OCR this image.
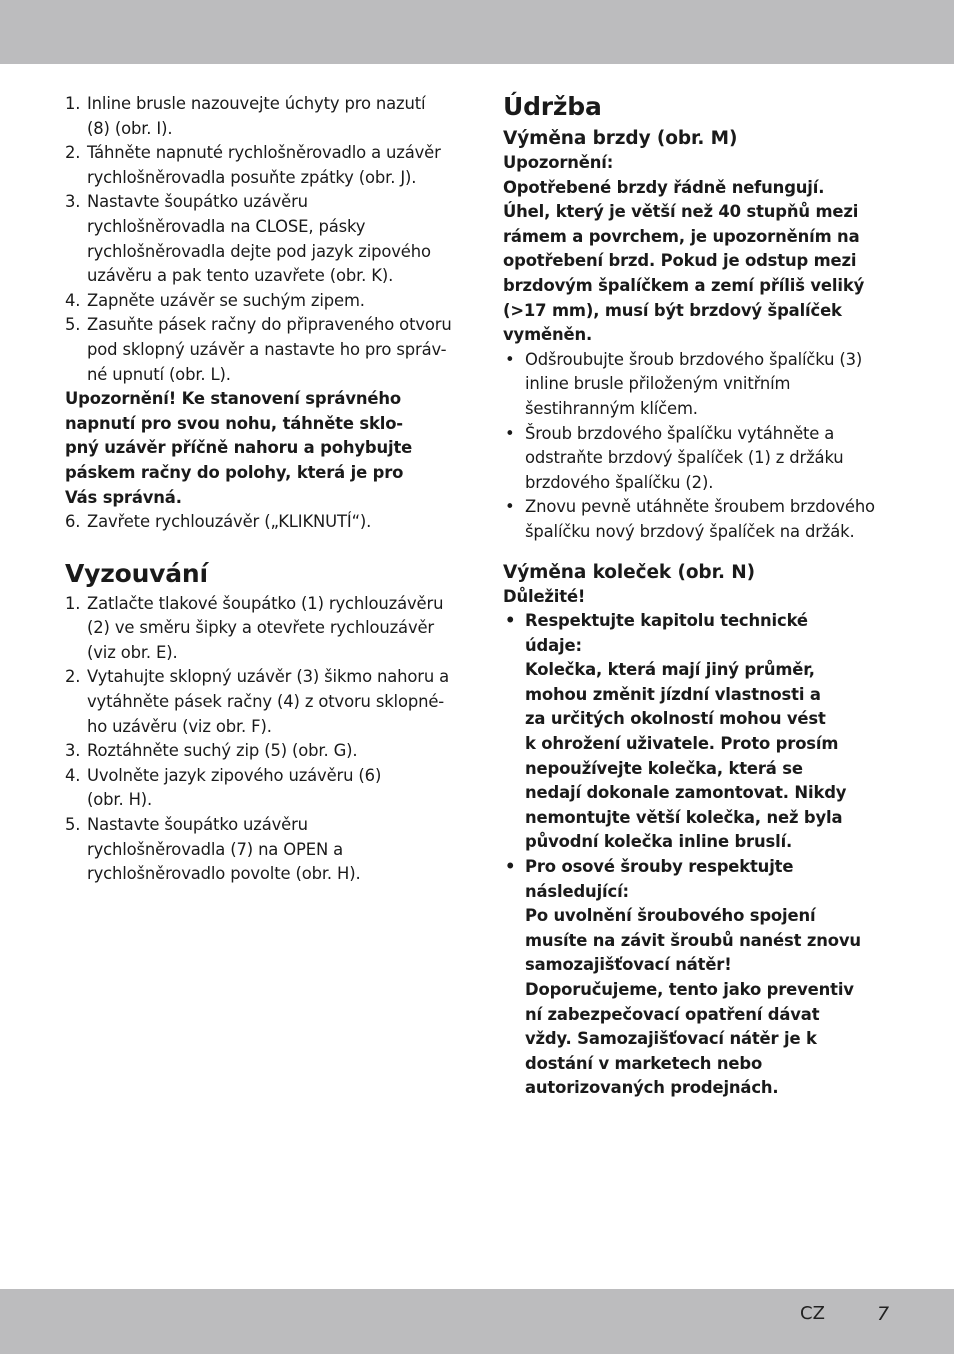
1. Inline brusle nazouvejte úchyty pro nazutí
(8) (obr. I).
2. Táhněte napnuté rychlošněrovadlo a uzávěr
rychlošněrovadla posuňte zpátky (obr. J).
3. Nastavte šoupátko uzávěru
rychlošněrovadla na CLOSE, pásky
rychlošněrovadla dejte pod jazyk zipového
uzávěru a pak tento uzavřete (obr. K).
4. Zapněte uzávěr se suchým zipem.
5. Zasuňte pásek račny do připraveného otvoru
pod sklopný uzávěr a nastavte ho pro správ-
né upnutí (obr. L).
Upozornění! Ke stanovení správného
napnutí pro svou nohu, táhněte sklo-
pný uzávěr příčně nahoru a pohybujte
páskem račny do polohy, která je pro
Vás správná.
6. Zavřete rychlouzávěr („KLIKNUTÍ“).
Vyzouvání
1. Zatlačte tlakové šoupátko (1) rychlouzávěru
(2) ve směru šipky a otevřete rychlouzávěr
(viz obr. E).
2. Vytahujte sklopný uzávěr (3) šikmo nahoru a
vytáhněte pásek račny (4) z otvoru sklopné-
ho uzávěru (viz obr. F).
3. Roztáhněte suchý zip (5) (obr. G).
4. Uvolněte jazyk zipového uzávěru (6)
(obr. H).
5. Nastavte šoupátko uzávěru
rychlošněrovadla (7) na OPEN a
rychlošněrovadlo povolte (obr. H).
Údržba
Výměna brzdy (obr. M)
Upozornění:
Opotřebené brzdy řádně nefungují.
Úhel, který je větší než 40 stupňů mezi
rámem a povrchem, je upozorněním na
opotřebení brzd. Pokud je odstup mezi
brzdovým špalíčkem a zemí příliš veliký
(>17 mm), musí být brzdový špalíček
vyměněn.
• Odšroubujte šroub brzdového špalíčku (3)
inline brusle přiloženým vnitřním
šestihranným klíčem.
• Šroub brzdového špalíčku vytáhněte a
odstraňte brzdový špalíček (1) z držáku
brzdového špalíčku (2).
• Znovu pevně utáhněte šroubem brzdového
špalíčku nový brzdový špalíček na držák.
Výměna koleček (obr. N)
Důležité!
• Respektujte kapitolu technické
údaje:
Kolečka, která mají jiný průměr,
mohou změnit jízdní vlastnosti a
za určitých okolností mohou vést
k ohrožení uživatele. Proto prosím
nepoužívejte kolečka, která se
nedají dokonale zamontovat. Nikdy
nemontujte větší kolečka, než byla
původní kolečka inline bruslí.
• Pro osové šrouby respektujte
následující:
Po uvolnění šroubového spojení
musíte na závit šroubů nanést znovu
samozajišťovací nátěr!
Doporučujeme, tento jako preventiv
ní zabezpečovací opatření dávat
vždy. Samozajišťovací nátěr je k
dostání v marketech nebo
autorizovaných prodejnách.
CZ	7
